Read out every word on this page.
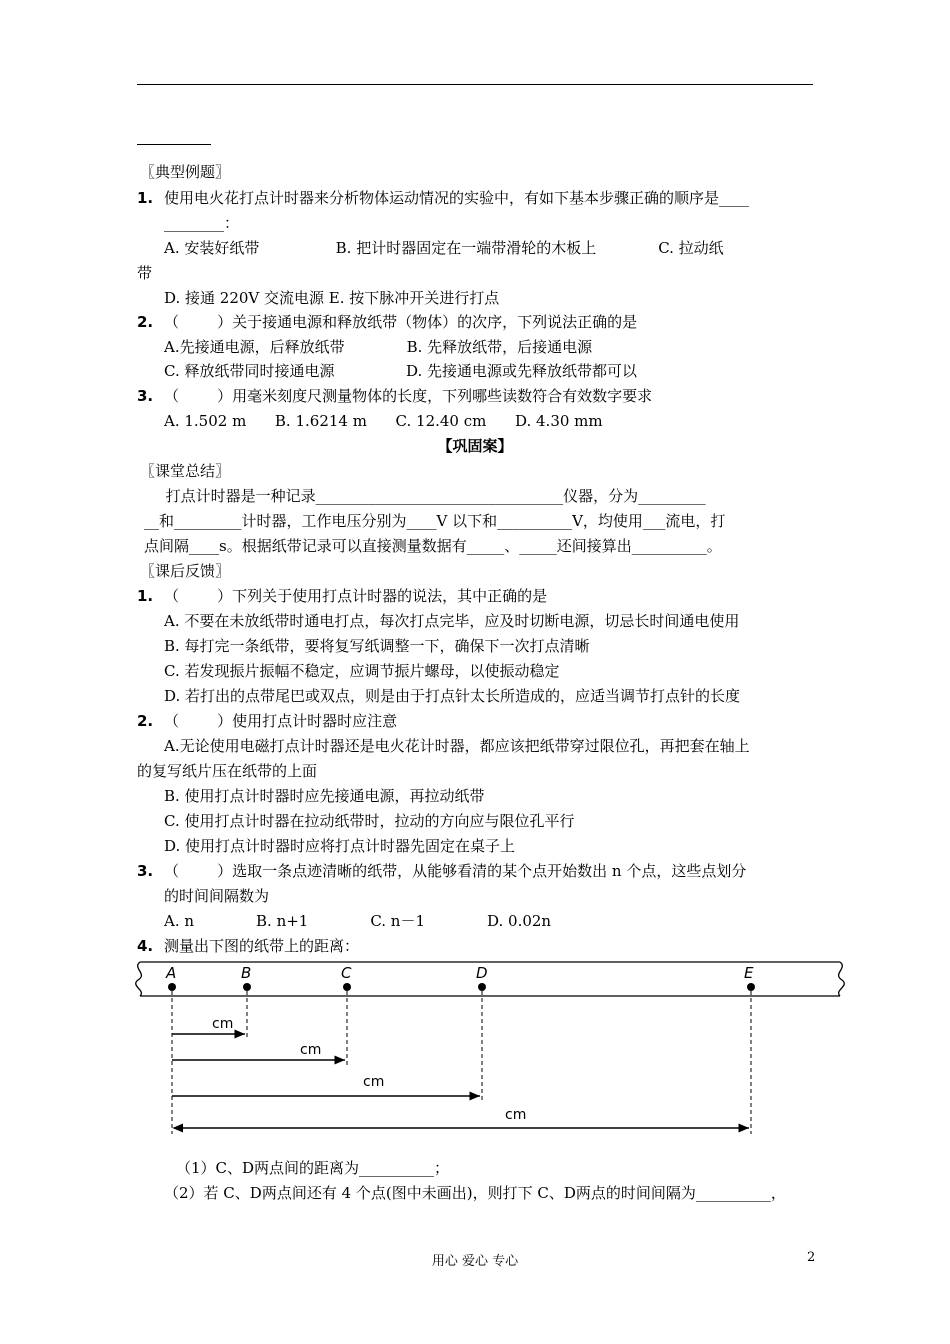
〖典型例题〗
1. 使用电火花打点计时器来分析物体运动情况的实验中，有如下基本步骤正确的顺序是____
________：
A. 安装好纸带                B. 把计时器固定在一端带滑轮的木板上             C. 拉动纸
带
D. 接通 220V 交流电源 E. 按下脉冲开关进行打点
2. （        ）关于接通电源和释放纸带（物体）的次序，下列说法正确的是
A.先接通电源，后释放纸带             B. 先释放纸带，后接通电源
C. 释放纸带同时接通电源               D. 先接通电源或先释放纸带都可以
3. （        ）用毫米刻度尺测量物体的长度，下列哪些读数符合有效数字要求
A. 1.502 m      B. 1.6214 m      C. 12.40 cm      D. 4.30 mm
【巩固案】
〖课堂总结〗
打点计时器是一种记录_________________________________仪器，分为_________
__和_________计时器，工作电压分别为____V 以下和__________V，均使用___流电，打
点间隔____s。根据纸带记录可以直接测量数据有_____、_____还间接算出__________。
〖课后反馈〗
1. （        ）下列关于使用打点计时器的说法，其中正确的是
A. 不要在未放纸带时通电打点，每次打点完毕，应及时切断电源，切忌长时间通电使用
B. 每打完一条纸带，要将复写纸调整一下，确保下一次打点清晰
C. 若发现振片振幅不稳定，应调节振片螺母，以使振动稳定
D. 若打出的点带尾巴或双点，则是由于打点针太长所造成的，应适当调节打点针的长度
2. （        ）使用打点计时器时应注意
A.无论使用电磁打点计时器还是电火花计时器，都应该把纸带穿过限位孔，再把套在轴上
的复写纸片压在纸带的上面
B. 使用打点计时器时应先接通电源，再拉动纸带
C. 使用打点计时器在拉动纸带时，拉动的方向应与限位孔平行
D. 使用打点计时器时应将打点计时器先固定在桌子上
3. （        ）选取一条点迹清晰的纸带，从能够看清的某个点开始数出 n 个点，这些点划分
的时间间隔数为
A. n             B. n+1             C. n－1             D. 0.02n
4. 测量出下图的纸带上的距离：
A	B	C	D	E
cm
cm
cm
cm
（1）C、D两点间的距离为__________；
（2）若 C、D两点间还有 4 个点(图中未画出)，则打下 C、D两点的时间间隔为__________，
用心 爱心 专心	2
